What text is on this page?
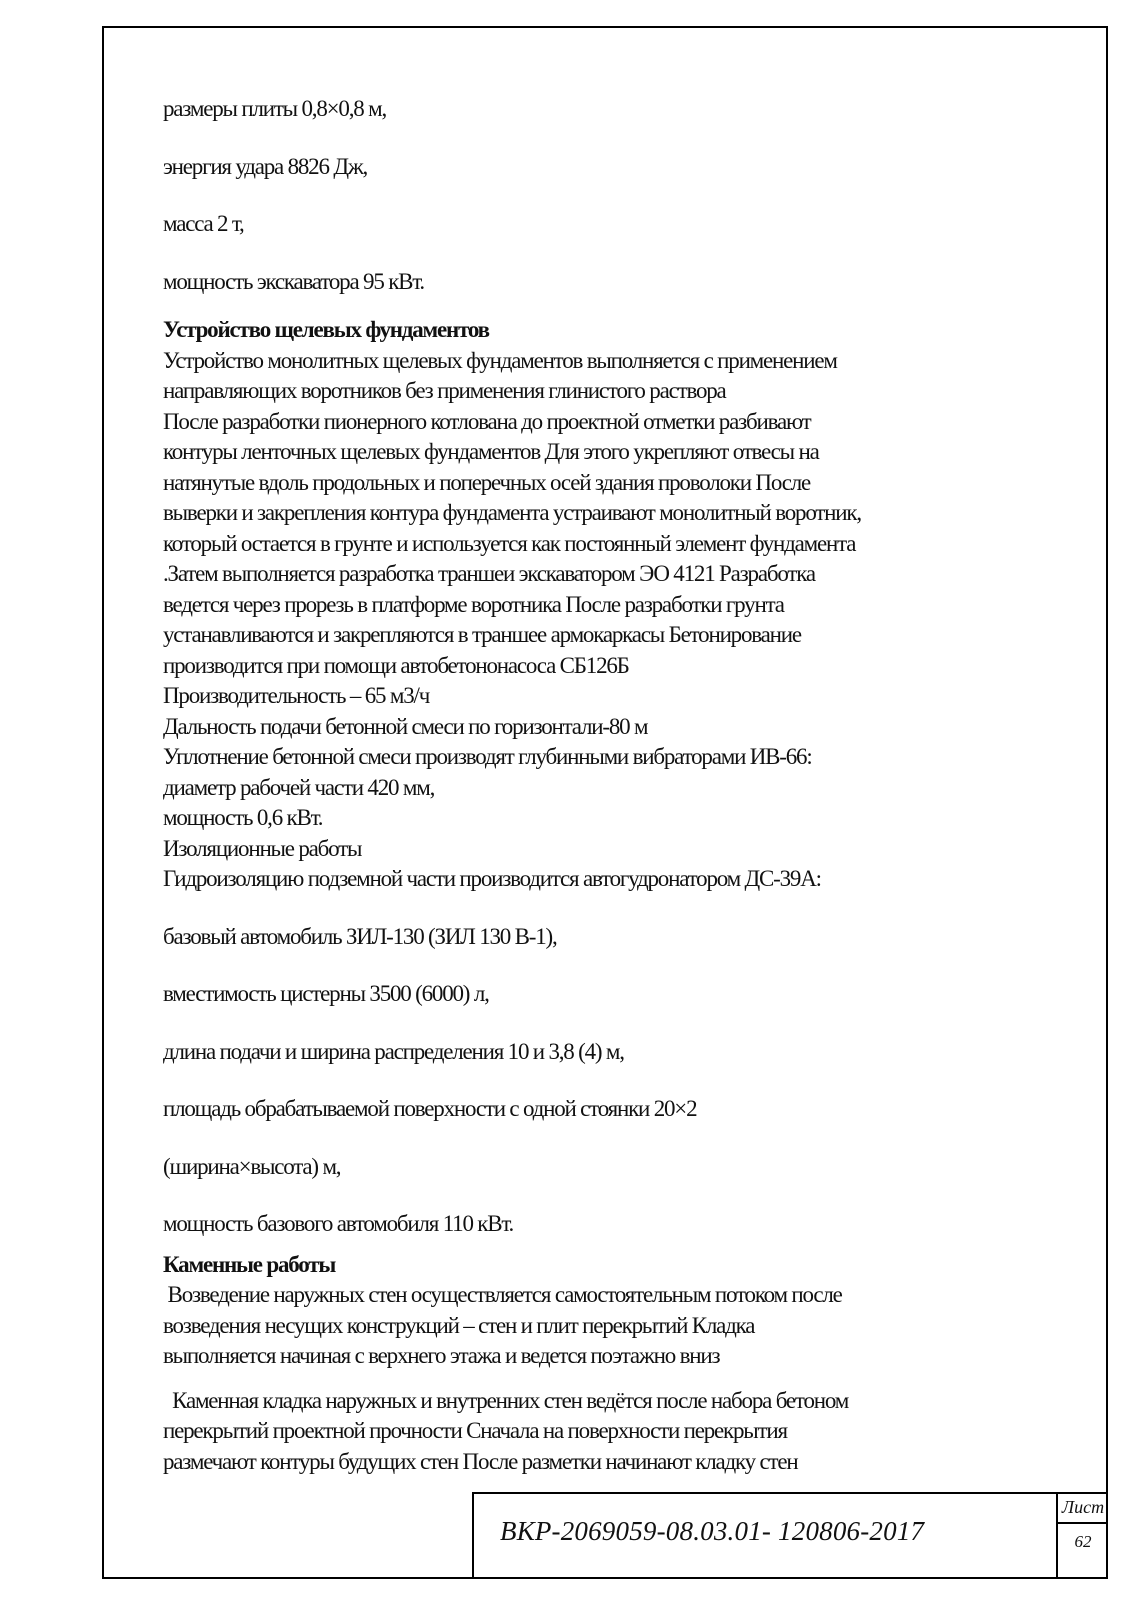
размеры плиты 0,8×0,8 м,
энергия удара 8826 Дж,
масса 2 т,
мощность экскаватора 95 кВт.
Устройство щелевых фундаментов
Устройство монолитных щелевых фундаментов выполняется с применением
направляющих воротников без применения глинистого раствора
После разработки пионерного котлована до проектной отметки разбивают
контуры ленточных щелевых фундаментов Для этого укрепляют отвесы на
натянутые вдоль продольных и поперечных осей здания проволоки После
выверки и закрепления контура фундамента устраивают монолитный воротник,
который остается в грунте и используется как постоянный элемент фундамента
.Затем выполняется разработка траншеи экскаватором ЭО 4121 Разработка
ведется через прорезь в платформе воротника После разработки грунта
устанавливаются и закрепляются в траншее армокаркасы Бетонирование
производится при помощи автобетононасоса СБ126Б
Производительность – 65 м3/ч
Дальность подачи бетонной смеси по горизонтали-80 м
Уплотнение бетонной смеси производят глубинными вибраторами ИВ-66:
диаметр рабочей части 420 мм,
мощность 0,6 кВт.
Изоляционные работы
Гидроизоляцию подземной части производится автогудронатором ДС-39А:
базовый автомобиль ЗИЛ-130 (ЗИЛ 130 В-1),
вместимость цистерны 3500 (6000) л,
длина подачи и ширина распределения 10 и 3,8 (4) м,
площадь обрабатываемой поверхности с одной стоянки 20×2
(ширина×высота) м,
мощность базового автомобиля 110 кВт.
Каменные работы
Возведение наружных стен осуществляется самостоятельным потоком после
возведения несущих конструкций – стен и плит перекрытий Кладка
выполняется начиная с верхнего этажа и ведется поэтажно вниз
Каменная кладка наружных и внутренних стен ведётся после набора бетоном
перекрытий проектной прочности Сначала на поверхности перекрытия
размечают контуры будущих стен После разметки начинают кладку стен
ВКР-2069059-08.03.01- 120806-2017
Лист
62
